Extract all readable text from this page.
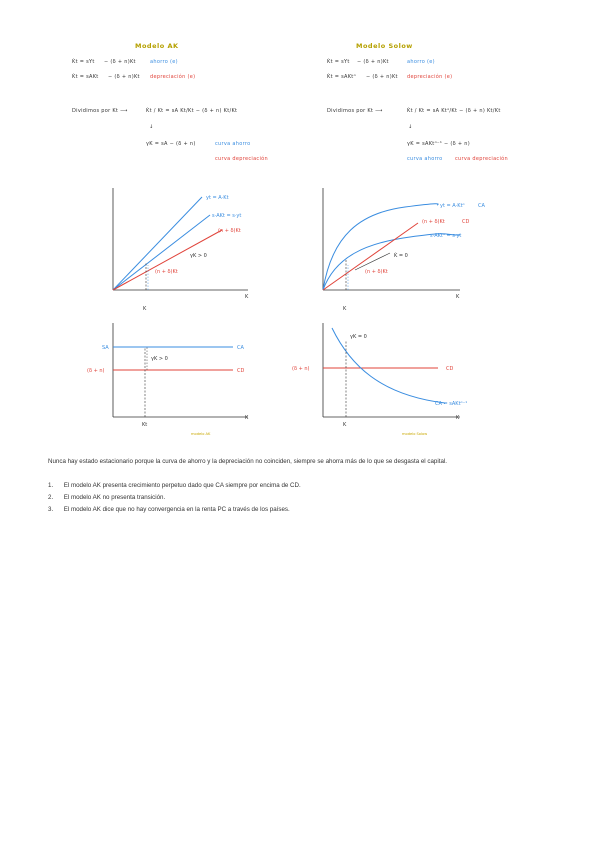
Modelo AK
K̇t = sYt − (δ + n)Kt	ahorro (e)
K̇t = sAKt − (δ + n)Kt depreciación (e)
Dividimos por Kt ⟶	K̇t / Kt = sA Kt/Kt − (δ + n) Kt/Kt
↓
γK = sA − (δ + n)	curva ahorro
curva depreciación
Modelo Solow
K̇t = sYt − (δ + n)Kt	ahorro (e)
K̇t = sAKtᵅ − (δ + n)Kt depreciación (e)
Dividimos por Kt ⟶	K̇t / Kt = sA Ktᵅ/Kt − (δ + n) Kt/Kt
↓
γK = sAKtᵅ⁻¹ − (δ + n)
curva ahorro	curva depreciación
yt = A·Kt
s·AKt = s·yt
(n + δ)Kt
γK > 0
(n + δ)Kt
K
K
yt = A·Ktᵅ	CA
(n + δ)Kt	CD
s·AKtᵅ = s·yt
K̇ = 0
(n + δ)Kt
K
K
SA
(δ + n)
CA
CD
γK > 0
K
Kt
modelo AK
(δ + n)	CD
γK = 0
CA = sAKtᵅ⁻¹
K
K
modelo Solow
Nunca hay estado estacionario porque la curva de ahorro y la depreciación no coinciden, siempre se ahorra más de lo que se desgasta el capital.
1. El modelo AK presenta crecimiento perpetuo dado que CA siempre por encima de CD.
2. El modelo AK no presenta transición.
3. El modelo AK dice que no hay convergencia en la renta PC a través de los países.
